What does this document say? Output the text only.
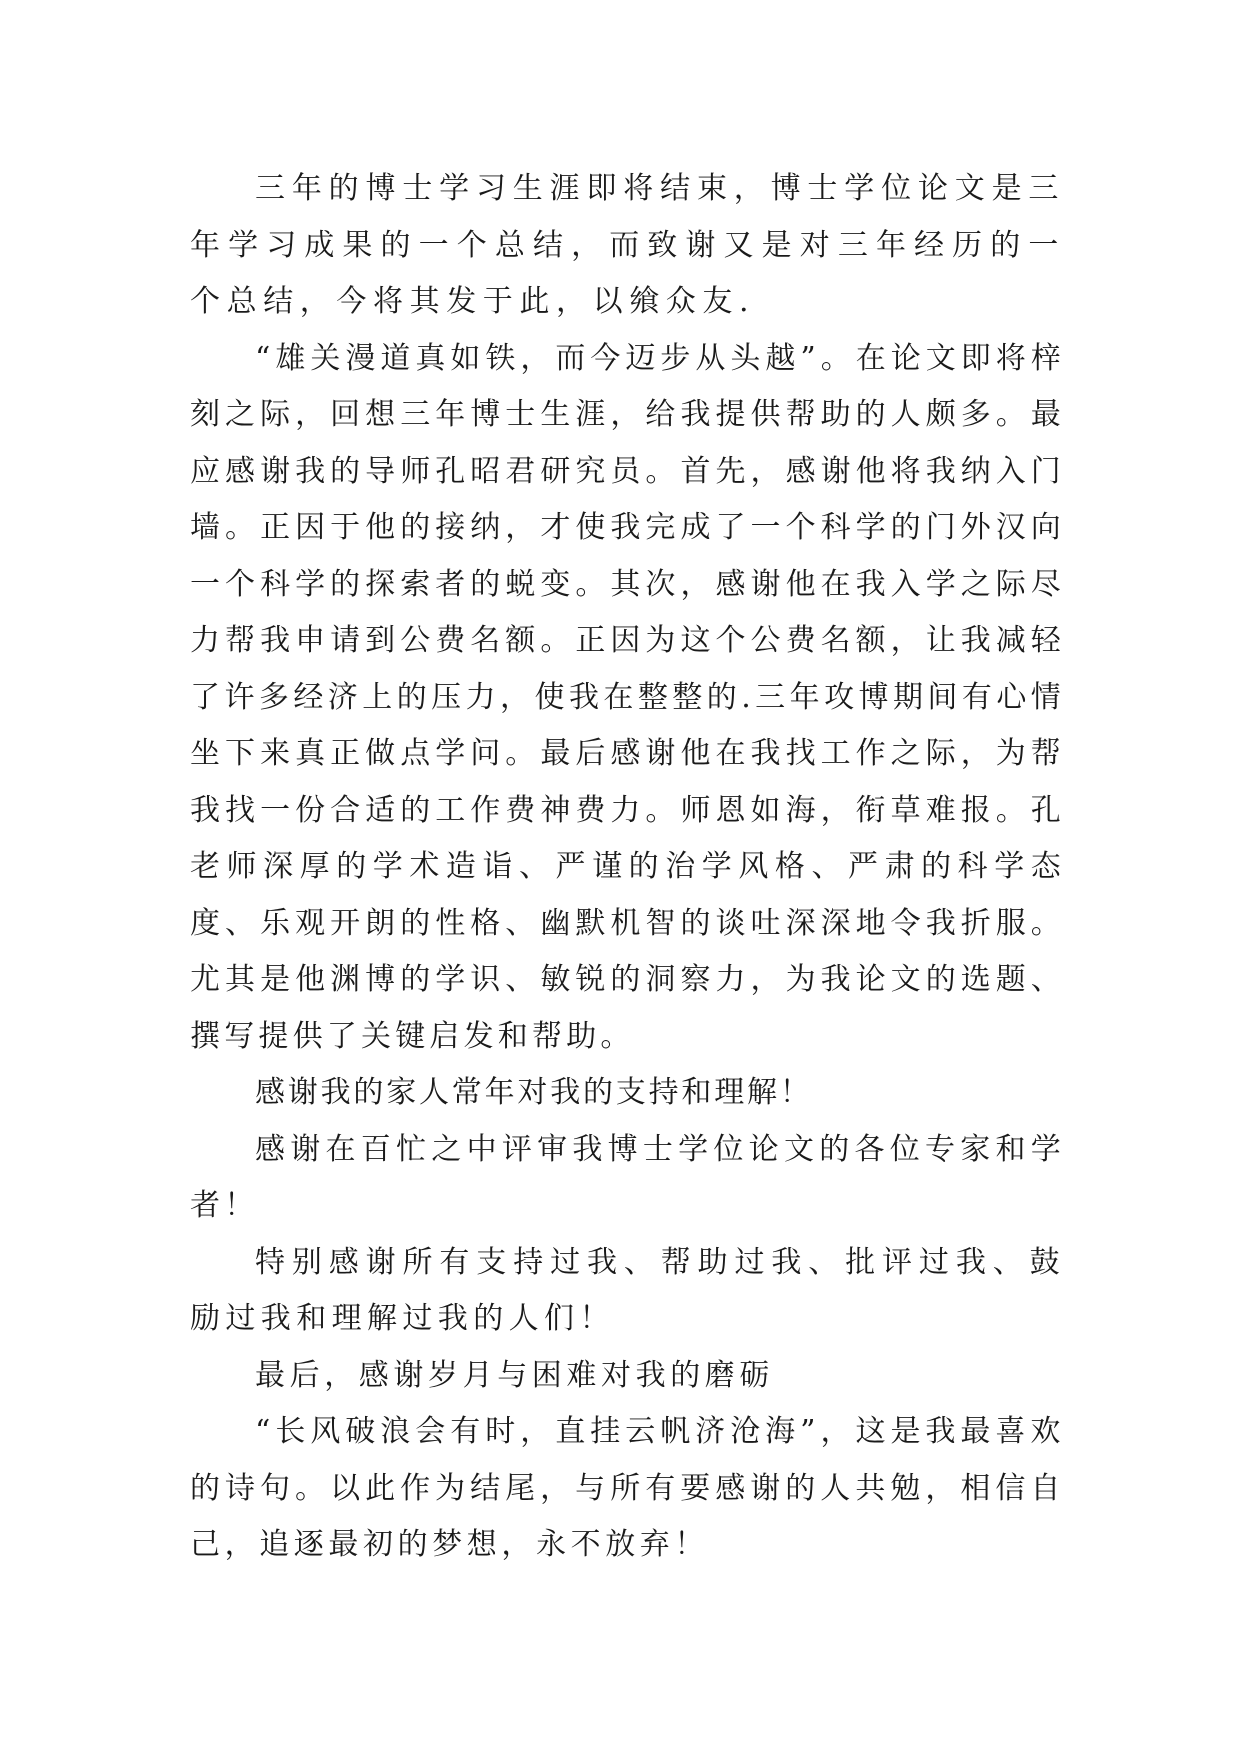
三年的博士学习生涯即将结束，博士学位论文是三年学习成果的一个总结，而致谢又是对三年经历的一个总结，今将其发于此，以飨众友.

“雄关漫道真如铁，而今迈步从头越”。在论文即将梓刻之际，回想三年博士生涯，给我提供帮助的人颇多。最应感谢我的导师孔昭君研究员。首先，感谢他将我纳入门墙。正因于他的接纳，才使我完成了一个科学的门外汉向一个科学的探索者的蜕变。其次，感谢他在我入学之际尽力帮我申请到公费名额。正因为这个公费名额，让我减轻了许多经济上的压力，使我在整整的.三年攻博期间有心情坐下来真正做点学问。最后感谢他在我找工作之际，为帮我找一份合适的工作费神费力。师恩如海，衔草难报。孔老师深厚的学术造诣、严谨的治学风格、严肃的科学态度、乐观开朗的性格、幽默机智的谈吐深深地令我折服。尤其是他渊博的学识、敏锐的洞察力，为我论文的选题、撰写提供了关键启发和帮助。

感谢我的家人常年对我的支持和理解！

感谢在百忙之中评审我博士学位论文的各位专家和学者！

特别感谢所有支持过我、帮助过我、批评过我、鼓励过我和理解过我的人们！

最后，感谢岁月与困难对我的磨砺

“长风破浪会有时，直挂云帆济沧海”，这是我最喜欢的诗句。以此作为结尾，与所有要感谢的人共勉，相信自己，追逐最初的梦想，永不放弃！
